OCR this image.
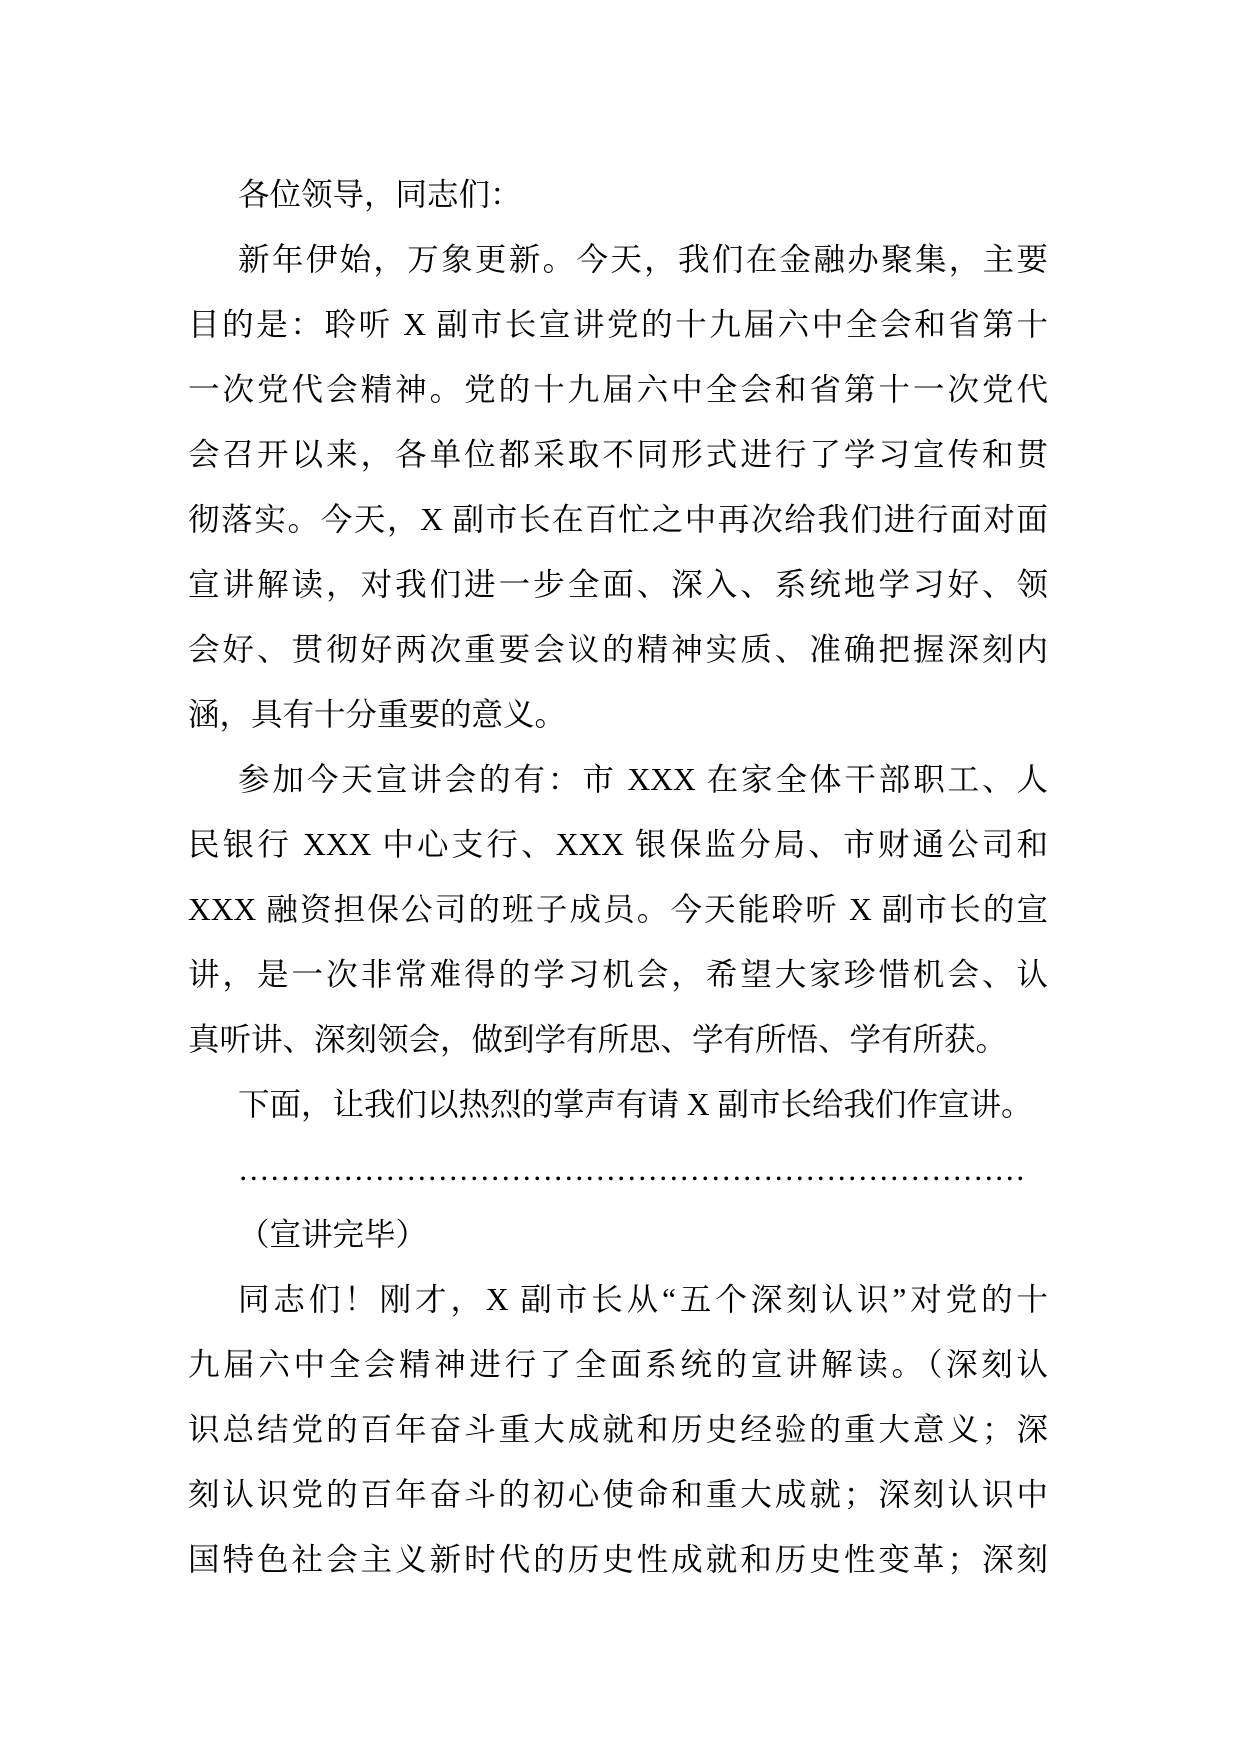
各位领导，同志们：
新年伊始，万象更新。今天，我们在金融办聚集，主要
目的是：聆听 X 副市长宣讲党的十九届六中全会和省第十
一次党代会精神。党的十九届六中全会和省第十一次党代
会召开以来，各单位都采取不同形式进行了学习宣传和贯
彻落实。今天，X 副市长在百忙之中再次给我们进行面对面
宣讲解读，对我们进一步全面、深入、系统地学习好、领
会好、贯彻好两次重要会议的精神实质、准确把握深刻内
涵，具有十分重要的意义。
参加今天宣讲会的有：市 XXX 在家全体干部职工、人
民银行 XXX 中心支行、XXX 银保监分局、市财通公司和
XXX 融资担保公司的班子成员。今天能聆听 X 副市长的宣
讲，是一次非常难得的学习机会，希望大家珍惜机会、认
真听讲、深刻领会，做到学有所思、学有所悟、学有所获。
下面，让我们以热烈的掌声有请 X 副市长给我们作宣讲。
…………………………………………………………………
（宣讲完毕）
同志们！刚才，X 副市长从“五个深刻认识”对党的十
九届六中全会精神进行了全面系统的宣讲解读。（深刻认
识总结党的百年奋斗重大成就和历史经验的重大意义；深
刻认识党的百年奋斗的初心使命和重大成就；深刻认识中
国特色社会主义新时代的历史性成就和历史性变革；深刻
